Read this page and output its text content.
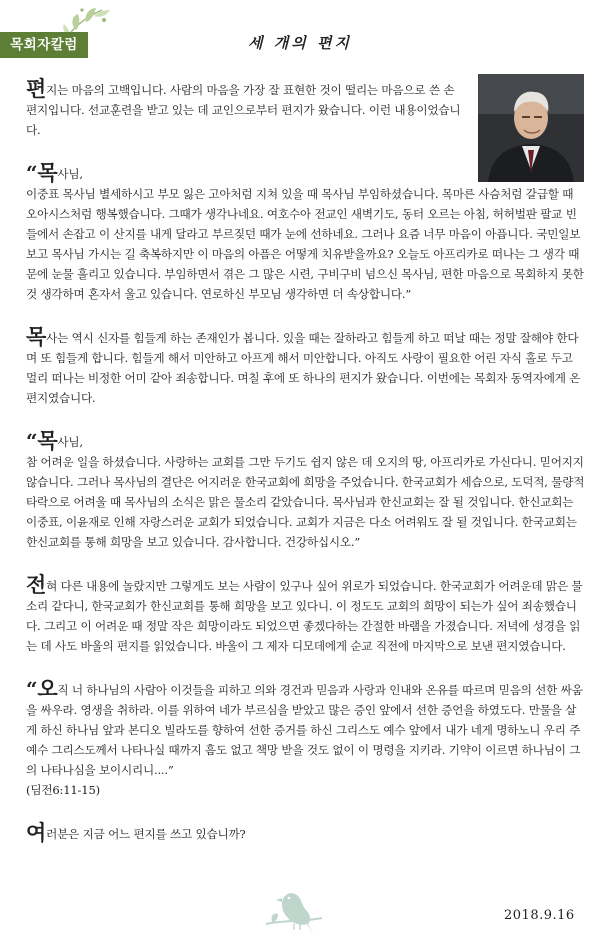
목회자칼럼	세 개의 편지

편지는 마음의 고백입니다. 사람의 마음을 가장 잘 표현한 것이 떨리는 마음으로 쓴 손 편지입니다. 선교훈련을 받고 있는 데 교인으로부터 편지가 왔습니다. 이런 내용이었습니다.

“목사님,
이중표 목사님 별세하시고 부모 잃은 고아처럼 지쳐 있을 때 목사님 부임하셨습니다. 목마른 사슴처럼 갈급할 때 오아시스처럼 행복했습니다. 그때가 생각나네요. 여호수아 전교인 새벽기도, 동터 오르는 아침, 허허벌판 팔교 빈들에서 손잡고 이 산지를 내게 달라고 부르짖던 때가 눈에 선하네요. 그러나 요즘 너무 마음이 아픕니다. 국민일보 보고 목사님 가시는 길 축복하지만 이 마음의 아픔은 어떻게 치유받을까요? 오늘도 아프리카로 떠나는 그 생각 때문에 눈물 흘리고 있습니다. 부임하면서 겪은 그 많은 시련, 구비구비 넘으신 목사님, 편한 마음으로 목회하지 못한 것 생각하며 혼자서 울고 있습니다. 연로하신 부모님 생각하면 더 속상합니다.”

목사는 역시 신자를 힘들게 하는 존재인가 봅니다. 있을 때는 잘하라고 힘들게 하고 떠날 때는 정말 잘해야 한다며 또 힘들게 합니다. 힘들게 해서 미안하고 아프게 해서 미안합니다. 아직도 사랑이 필요한 어린 자식 홀로 두고 멀리 떠나는 비정한 어미 같아 죄송합니다. 며칠 후에 또 하나의 편지가 왔습니다. 이번에는 목회자 동역자에게 온 편지였습니다.

“목사님,
참 어려운 일을 하셨습니다. 사랑하는 교회를 그만 두기도 쉽지 않은 데 오지의 땅, 아프리카로 가신다니. 믿어지지 않습니다. 그러나 목사님의 결단은 어지러운 한국교회에 희망을 주었습니다. 한국교회가 세습으로, 도덕적, 물량적 타락으로 어려울 때 목사님의 소식은 맑은 물소리 같았습니다. 목사님과 한신교회는 잘 될 것입니다. 한신교회는 이중표, 이윤재로 인해 자랑스러운 교회가 되었습니다. 교회가 지금은 다소 어려워도 잘 될 것입니다. 한국교회는 한신교회를 통해 희망을 보고 있습니다. 감사합니다. 건강하십시오.”

전혀 다른 내용에 놀랐지만 그렇게도 보는 사람이 있구나 싶어 위로가 되었습니다. 한국교회가 어려운데 맑은 물소리 같다니, 한국교회가 한신교회를 통해 희망을 보고 있다니. 이 정도도 교회의 희망이 되는가 싶어 죄송했습니다. 그리고 이 어려운 때 정말 작은 희망이라도 되었으면 좋겠다하는 간절한 바램을 가졌습니다. 저녁에 성경을 읽는 데 사도 바울의 편지를 읽었습니다. 바울이 그 제자 디모데에게 순교 직전에 마지막으로 보낸 편지였습니다.

“오직 너 하나님의 사람아 이것들을 피하고 의와 경건과 믿음과 사랑과 인내와 온유를 따르며 믿음의 선한 싸움을 싸우라. 영생을 취하라. 이를 위하여 네가 부르심을 받았고 많은 증인 앞에서 선한 증언을 하였도다. 만물을 살게 하신 하나님 앞과 본디오 빌라도를 향하여 선한 증거를 하신 그리스도 예수 앞에서 내가 네게 명하노니 우리 주 예수 그리스도께서 나타나실 때까지 흠도 없고 책망 받을 것도 없이 이 명령을 지키라. 기약이 이르면 하나님이 그의 나타나심을 보이시리니....”
(딤전6:11-15)

여러분은 지금 어느 편지를 쓰고 있습니까?

2018.9.16
